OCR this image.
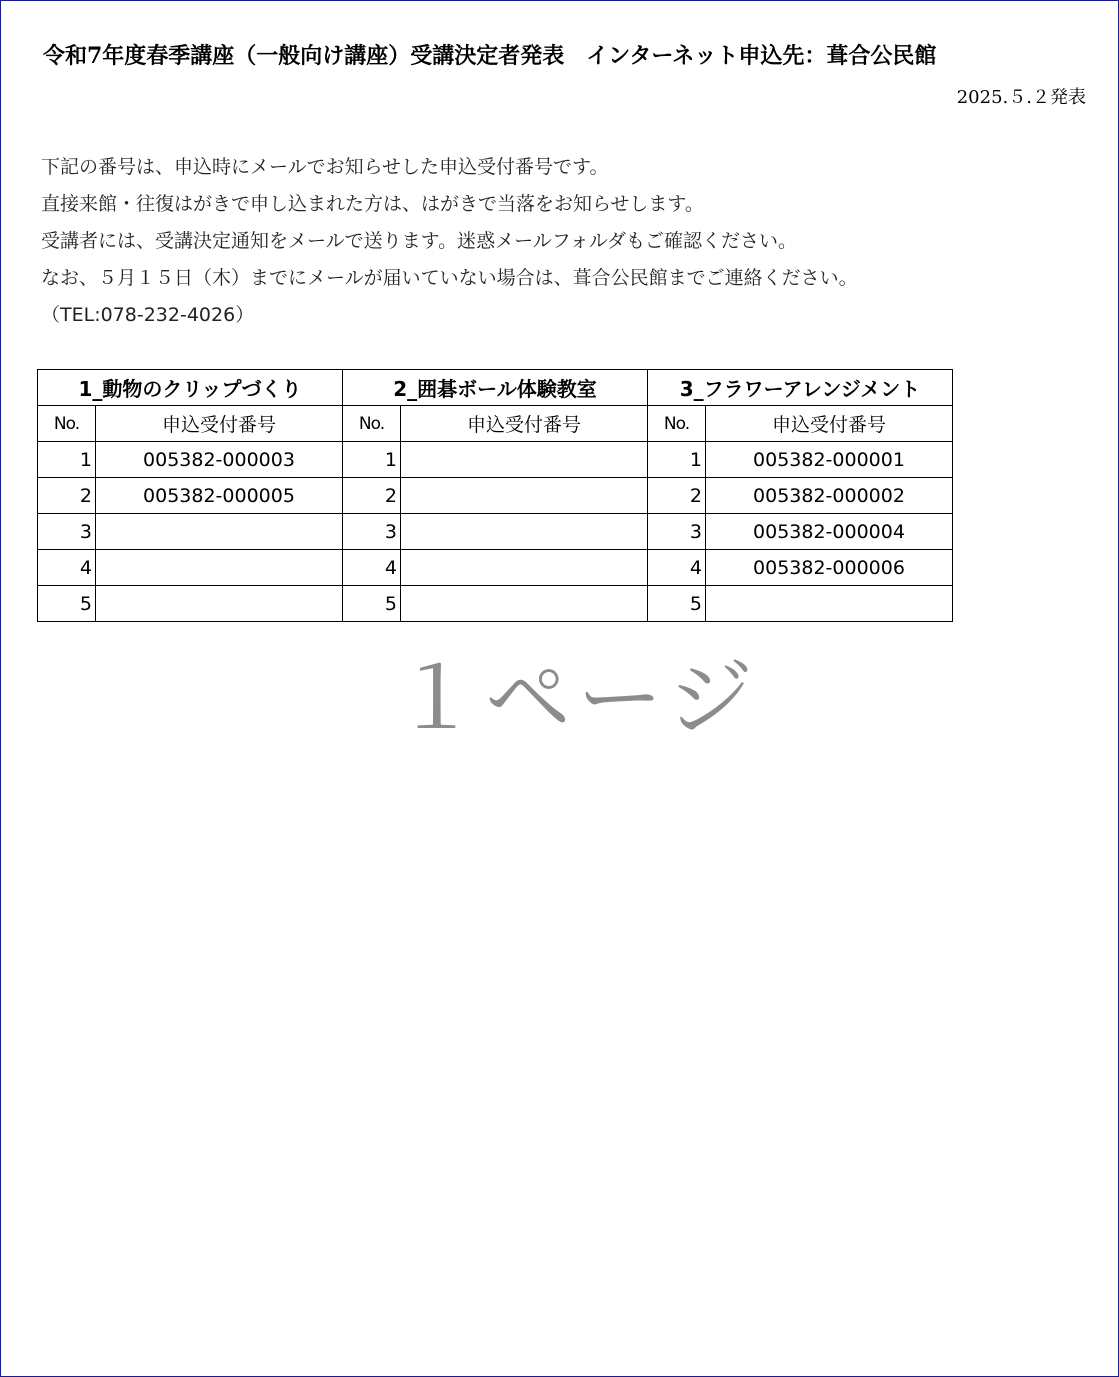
令和7年度春季講座（一般向け講座）受講決定者発表　インターネット申込先：葺合公民館
2025.５.２発表
下記の番号は、申込時にメールでお知らせした申込受付番号です。
直接来館・往復はがきで申し込まれた方は、はがきで当落をお知らせします。
受講者には、受講決定通知をメールで送ります。迷惑メールフォルダもご確認ください。
なお、５月１５日（木）までにメールが届いていない場合は、葺合公民館までご連絡ください。
（TEL:078-232-4026）
1_動物のクリップづくり		2_囲碁ボール体験教室		3_フラワーアレンジメント	
No.	申込受付番号	No.	申込受付番号	No.	申込受付番号
1	005382-000003	1		1	005382-000001
2	005382-000005	2		2	005382-000002
3		3		3	005382-000004
4		4		4	005382-000006
5		5		5	
１ページ
